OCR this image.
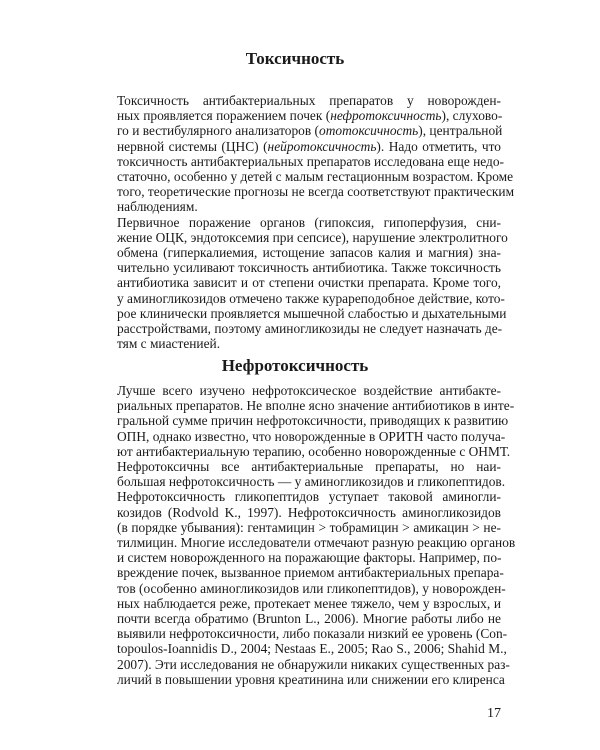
Токсичность

Токсичность антибактериальных препаратов у новорожден-
ных проявляется поражением почек (нефротоксичность), слухово-
го и вестибулярного анализаторов (ототоксичность), центральной
нервной системы (ЦНС) (нейротоксичность). Надо отметить, что
токсичность антибактериальных препаратов исследована еще недо-
статочно, особенно у детей с малым гестационным возрастом. Кроме
того, теоретические прогнозы не всегда соответствуют практическим
наблюдениям.

Первичное поражение органов (гипоксия, гипоперфузия, сни-
жение ОЦК, эндотоксемия при сепсисе), нарушение электролитного
обмена (гиперкалиемия, истощение запасов калия и магния) зна-
чительно усиливают токсичность антибиотика. Также токсичность
антибиотика зависит и от степени очистки препарата. Кроме того,
у аминогликозидов отмечено также курареподобное действие, кото-
рое клинически проявляется мышечной слабостью и дыхательными
расстройствами, поэтому аминогликозиды не следует назначать де-
тям с миастенией.

Нефротоксичность

Лучше всего изучено нефротоксическое воздействие антибакте-
риальных препаратов. Не вполне ясно значение антибиотиков в инте-
гральной сумме причин нефротоксичности, приводящих к развитию
ОПН, однако известно, что новорожденные в ОРИТН часто получа-
ют антибактериальную терапию, особенно новорожденные с ОНМТ.

Нефротоксичны все антибактериальные препараты, но наи-
большая нефротоксичность — у аминогликозидов и гликопептидов.

Нефротоксичность гликопептидов уступает таковой аминогли-
козидов (Rodvold K., 1997). Нефротоксичность аминогликозидов
(в порядке убывания): гентамицин > тобрамицин > амикацин > не-
тилмицин. Многие исследователи отмечают разную реакцию органов
и систем новорожденного на поражающие факторы. Например, по-
вреждение почек, вызванное приемом антибактериальных препара-
тов (особенно аминогликозидов или гликопептидов), у новорожден-
ных наблюдается реже, протекает менее тяжело, чем у взрослых, и
почти всегда обратимо (Brunton L., 2006). Многие работы либо не
выявили нефротоксичности, либо показали низкий ее уровень (Con-
topoulos-Ioannidis D., 2004; Nestaas E., 2005; Rao S., 2006; Shahid M.,
2007). Эти исследования не обнаружили никаких существенных раз-
личий в повышении уровня креатинина или снижении его клиренса

17
